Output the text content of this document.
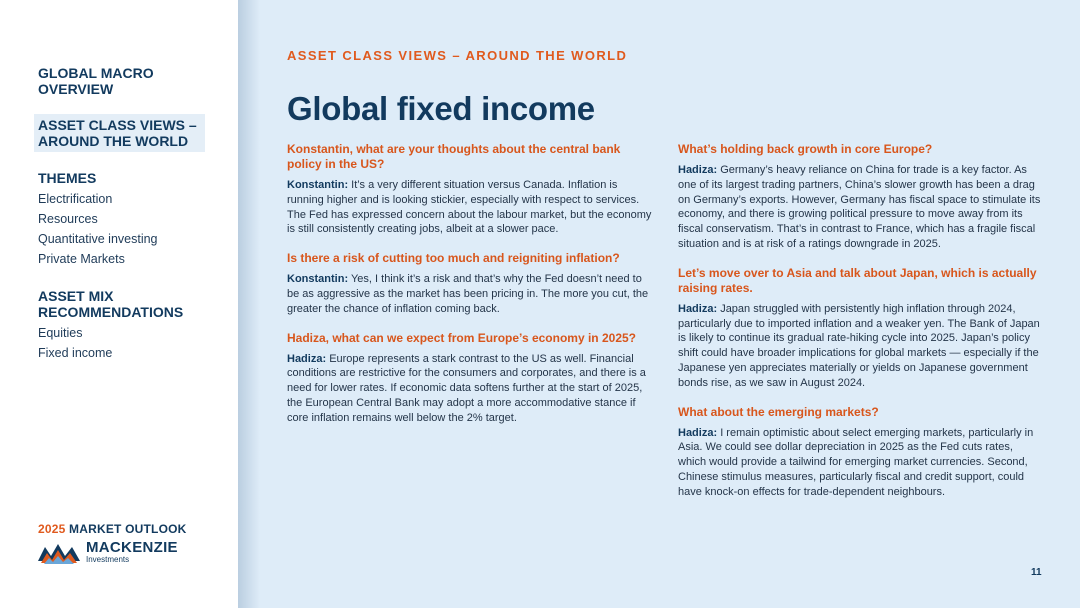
GLOBAL MACRO
OVERVIEW
ASSET CLASS VIEWS –
AROUND THE WORLD
THEMES
Electrification
Resources
Quantitative investing
Private Markets
ASSET MIX
RECOMMENDATIONS
Equities
Fixed income
2025 MARKET OUTLOOK
MACKENZIE
Investments
ASSET CLASS VIEWS – AROUND THE WORLD
Global fixed income
Konstantin, what are your thoughts about the central bank policy in the US?
Konstantin: It’s a very different situation versus Canada. Inflation is running higher and is looking stickier, especially with respect to services. The Fed has expressed concern about the labour market, but the economy is still consistently creating jobs, albeit at a slower pace.
Is there a risk of cutting too much and reigniting inflation?
Konstantin: Yes, I think it’s a risk and that’s why the Fed doesn’t need to be as aggressive as the market has been pricing in. The more you cut, the greater the chance of inflation coming back.
Hadiza, what can we expect from Europe’s economy in 2025?
Hadiza: Europe represents a stark contrast to the US as well. Financial conditions are restrictive for the consumers and corporates, and there is a need for lower rates. If economic data softens further at the start of 2025, the European Central Bank may adopt a more accommodative stance if core inflation remains well below the 2% target.
What’s holding back growth in core Europe?
Hadiza: Germany’s heavy reliance on China for trade is a key factor. As one of its largest trading partners, China’s slower growth has been a drag on Germany’s exports. However, Germany has fiscal space to stimulate its economy, and there is growing political pressure to move away from its fiscal conservatism. That’s in contrast to France, which has a fragile fiscal situation and is at risk of a ratings downgrade in 2025.
Let’s move over to Asia and talk about Japan, which is actually raising rates.
Hadiza: Japan struggled with persistently high inflation through 2024, particularly due to imported inflation and a weaker yen. The Bank of Japan is likely to continue its gradual rate-hiking cycle into 2025. Japan’s policy shift could have broader implications for global markets — especially if the Japanese yen appreciates materially or yields on Japanese government bonds rise, as we saw in August 2024.
What about the emerging markets?
Hadiza: I remain optimistic about select emerging markets, particularly in Asia. We could see dollar depreciation in 2025 as the Fed cuts rates, which would provide a tailwind for emerging market currencies. Second, Chinese stimulus measures, particularly fiscal and credit support, could have knock-on effects for trade-dependent neighbours.
11
